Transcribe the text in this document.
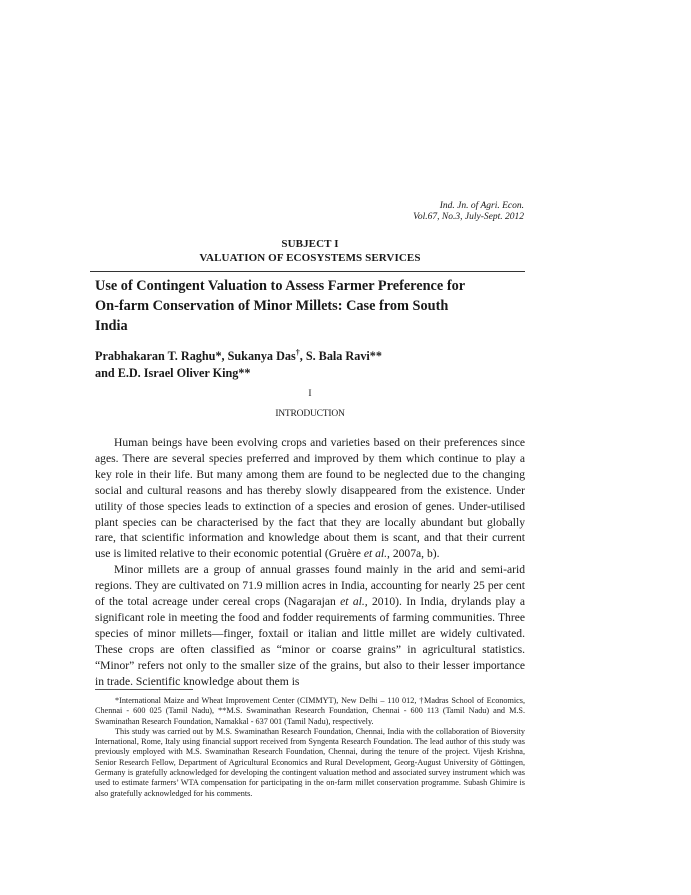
Ind. Jn. of Agri. Econ.
Vol.67, No.3, July-Sept. 2012
SUBJECT I
VALUATION OF ECOSYSTEMS SERVICES
Use of Contingent Valuation to Assess Farmer Preference for On-farm Conservation of Minor Millets: Case from South India
Prabhakaran T. Raghu*, Sukanya Das†, S. Bala Ravi**
and E.D. Israel Oliver King**
I
INTRODUCTION

Human beings have been evolving crops and varieties based on their preferences since ages. There are several species preferred and improved by them which continue to play a key role in their life. But many among them are found to be neglected due to the changing social and cultural reasons and has thereby slowly disappeared from the existence. Under utility of those species leads to extinction of a species and erosion of genes. Under-utilised plant species can be characterised by the fact that they are locally abundant but globally rare, that scientific information and knowledge about them is scant, and that their current use is limited relative to their economic potential (Gruère et al., 2007a, b).

Minor millets are a group of annual grasses found mainly in the arid and semi-arid regions. They are cultivated on 71.9 million acres in India, accounting for nearly 25 per cent of the total acreage under cereal crops (Nagarajan et al., 2010). In India, drylands play a significant role in meeting the food and fodder requirements of farming communities. Three species of minor millets—finger, foxtail or italian and little millet are widely cultivated. These crops are often classified as “minor or coarse grains” in agricultural statistics. “Minor” refers not only to the smaller size of the grains, but also to their lesser importance in trade. Scientific knowledge about them is

*International Maize and Wheat Improvement Center (CIMMYT), New Delhi – 110 012, †Madras School of Economics, Chennai - 600 025 (Tamil Nadu), **M.S. Swaminathan Research Foundation, Chennai - 600 113 (Tamil Nadu) and M.S. Swaminathan Research Foundation, Namakkal - 637 001 (Tamil Nadu), respectively.

This study was carried out by M.S. Swaminathan Research Foundation, Chennai, India with the collaboration of Bioversity International, Rome, Italy using financial support received from Syngenta Research Foundation. The lead author of this study was previously employed with M.S. Swaminathan Research Foundation, Chennai, during the tenure of the project. Vijesh Krishna, Senior Research Fellow, Department of Agricultural Economics and Rural Development, Georg-August University of Göttingen, Germany is gratefully acknowledged for developing the contingent valuation method and associated survey instrument which was used to estimate farmers’ WTA compensation for participating in the on-farm millet conservation programme. Subash Ghimire is also gratefully acknowledged for his comments.
